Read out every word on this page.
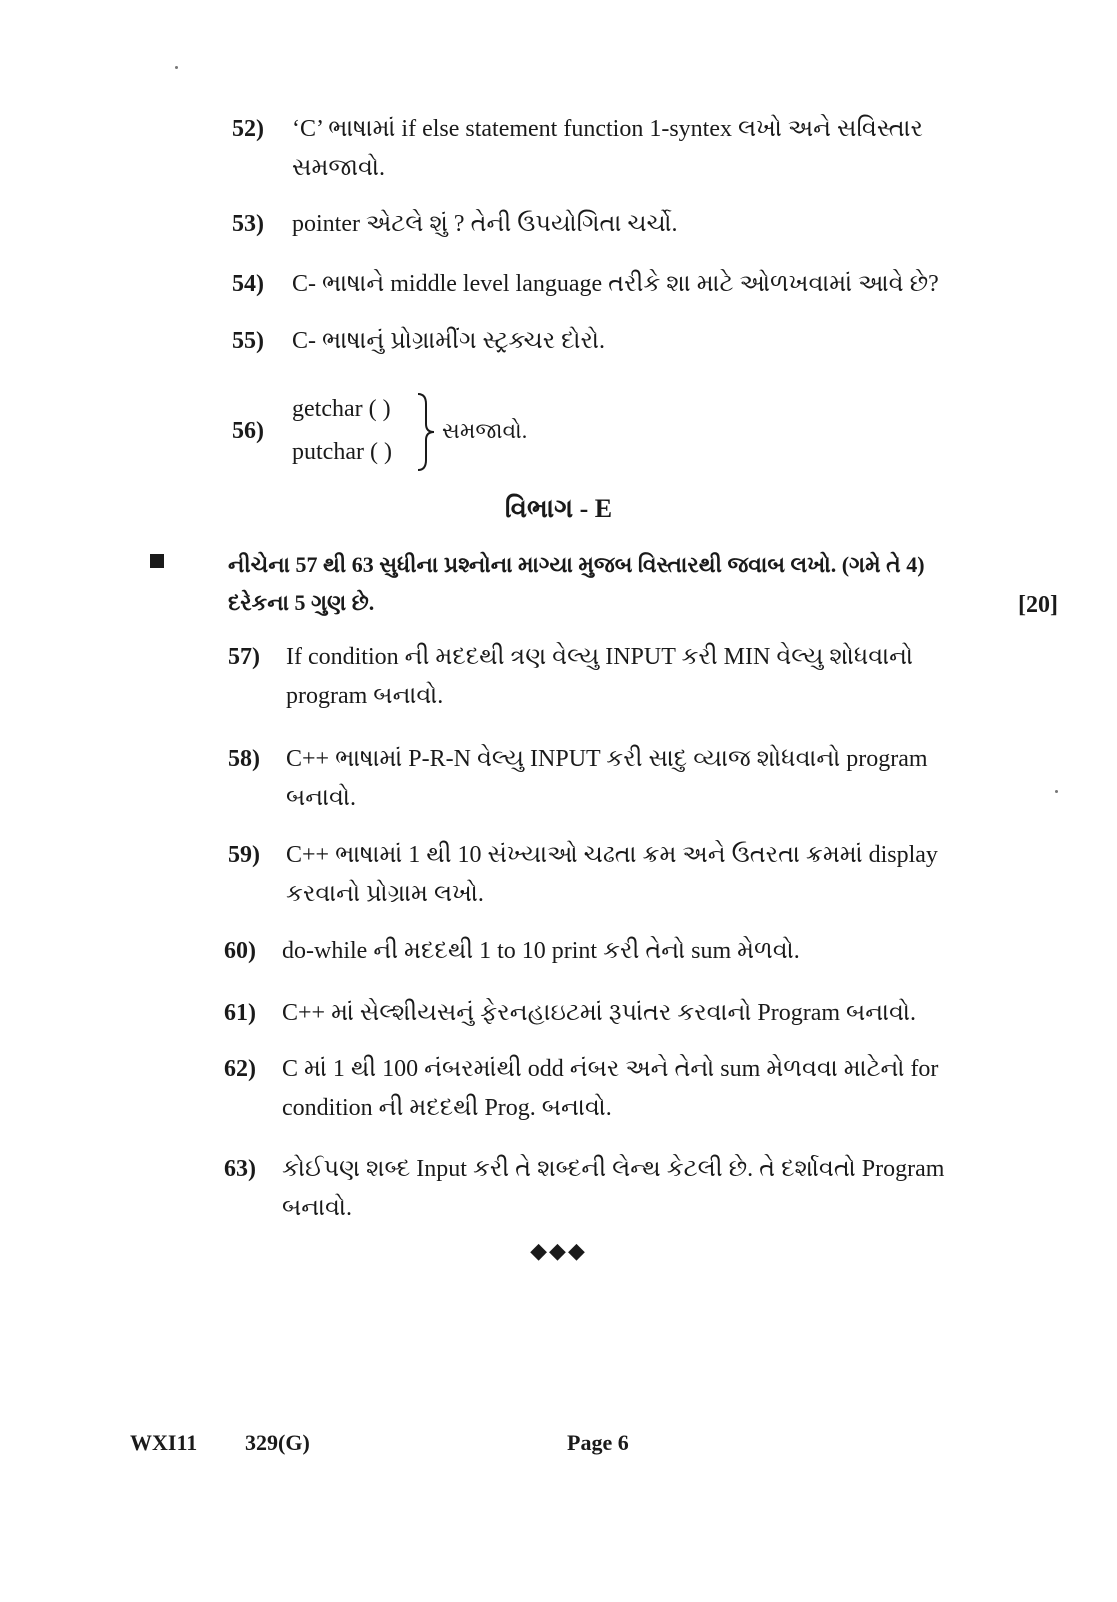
52) ‘C’ ભાષામાં if else statement function 1-syntex લખો અને સવિસ્તાર સમજાવો.
53) pointer એટલે શું ? તેની ઉપયોગિતા ચર્ચો.
54) C- ભાષાને middle level language તરીકે શા માટે ઓળખવામાં આવે છે?
55) C- ભાષાનું પ્રોગ્રામીંગ સ્ટ્રક્ચર દોરો.
56)
getchar ( )
putchar ( )
સમજાવો.
વિભાગ - E
નીચેના 57 થી 63 સુધીના પ્રશ્નોના માગ્યા મુજબ વિસ્તારથી જવાબ લખો. (ગમે તે 4) દરેકના 5 ગુણ છે.	[20]
57) If condition ની મદદથી ત્રણ વેલ્યુ INPUT કરી MIN વેલ્યુ શોધવાનો program બનાવો.
58) C++ ભાષામાં P-R-N વેલ્યુ INPUT કરી સાદુ વ્યાજ શોધવાનો program બનાવો.
59) C++ ભાષામાં 1 થી 10 સંખ્યાઓ ચઢતા ક્રમ અને ઉતરતા ક્રમમાં display કરવાનો પ્રોગ્રામ લખો.
60) do-while ની મદદથી 1 to 10 print કરી તેનો sum મેળવો.
61) C++ માં સેલ્શીયસનું ફેરનહાઇટમાં રૂપાંતર કરવાનો Program બનાવો.
62) C માં 1 થી 100 નંબરમાંથી odd નંબર અને તેનો sum મેળવવા માટેનો for condition ની મદદથી Prog. બનાવો.
63) કોઈપણ શબ્દ Input કરી તે શબ્દની લેન્થ કેટલી છે. તે દર્શાવતો Program બનાવો.
◆◆◆
WXI11 329(G)	Page 6
